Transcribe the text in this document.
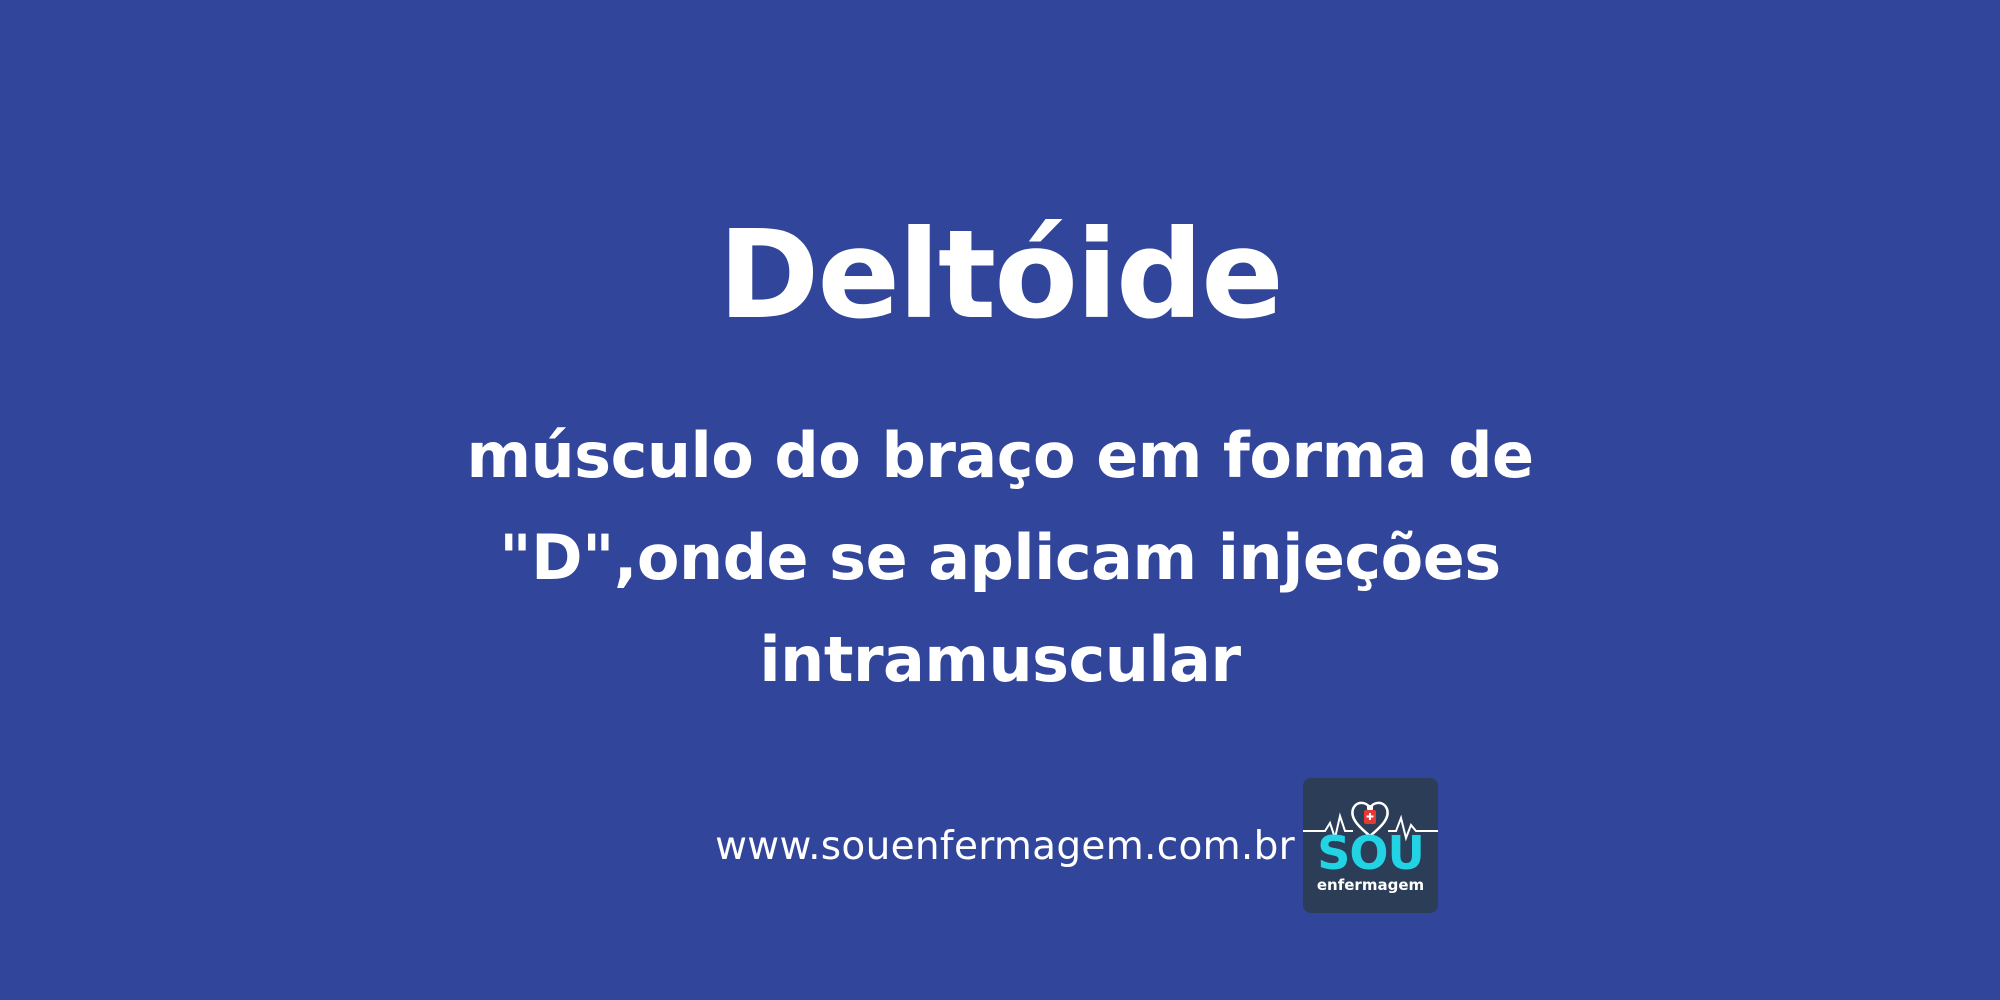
Deltóide

músculo do braço em forma de "D",onde se aplicam injeções intramuscular

www.souenfermagem.com.br SOU
enfermagem
